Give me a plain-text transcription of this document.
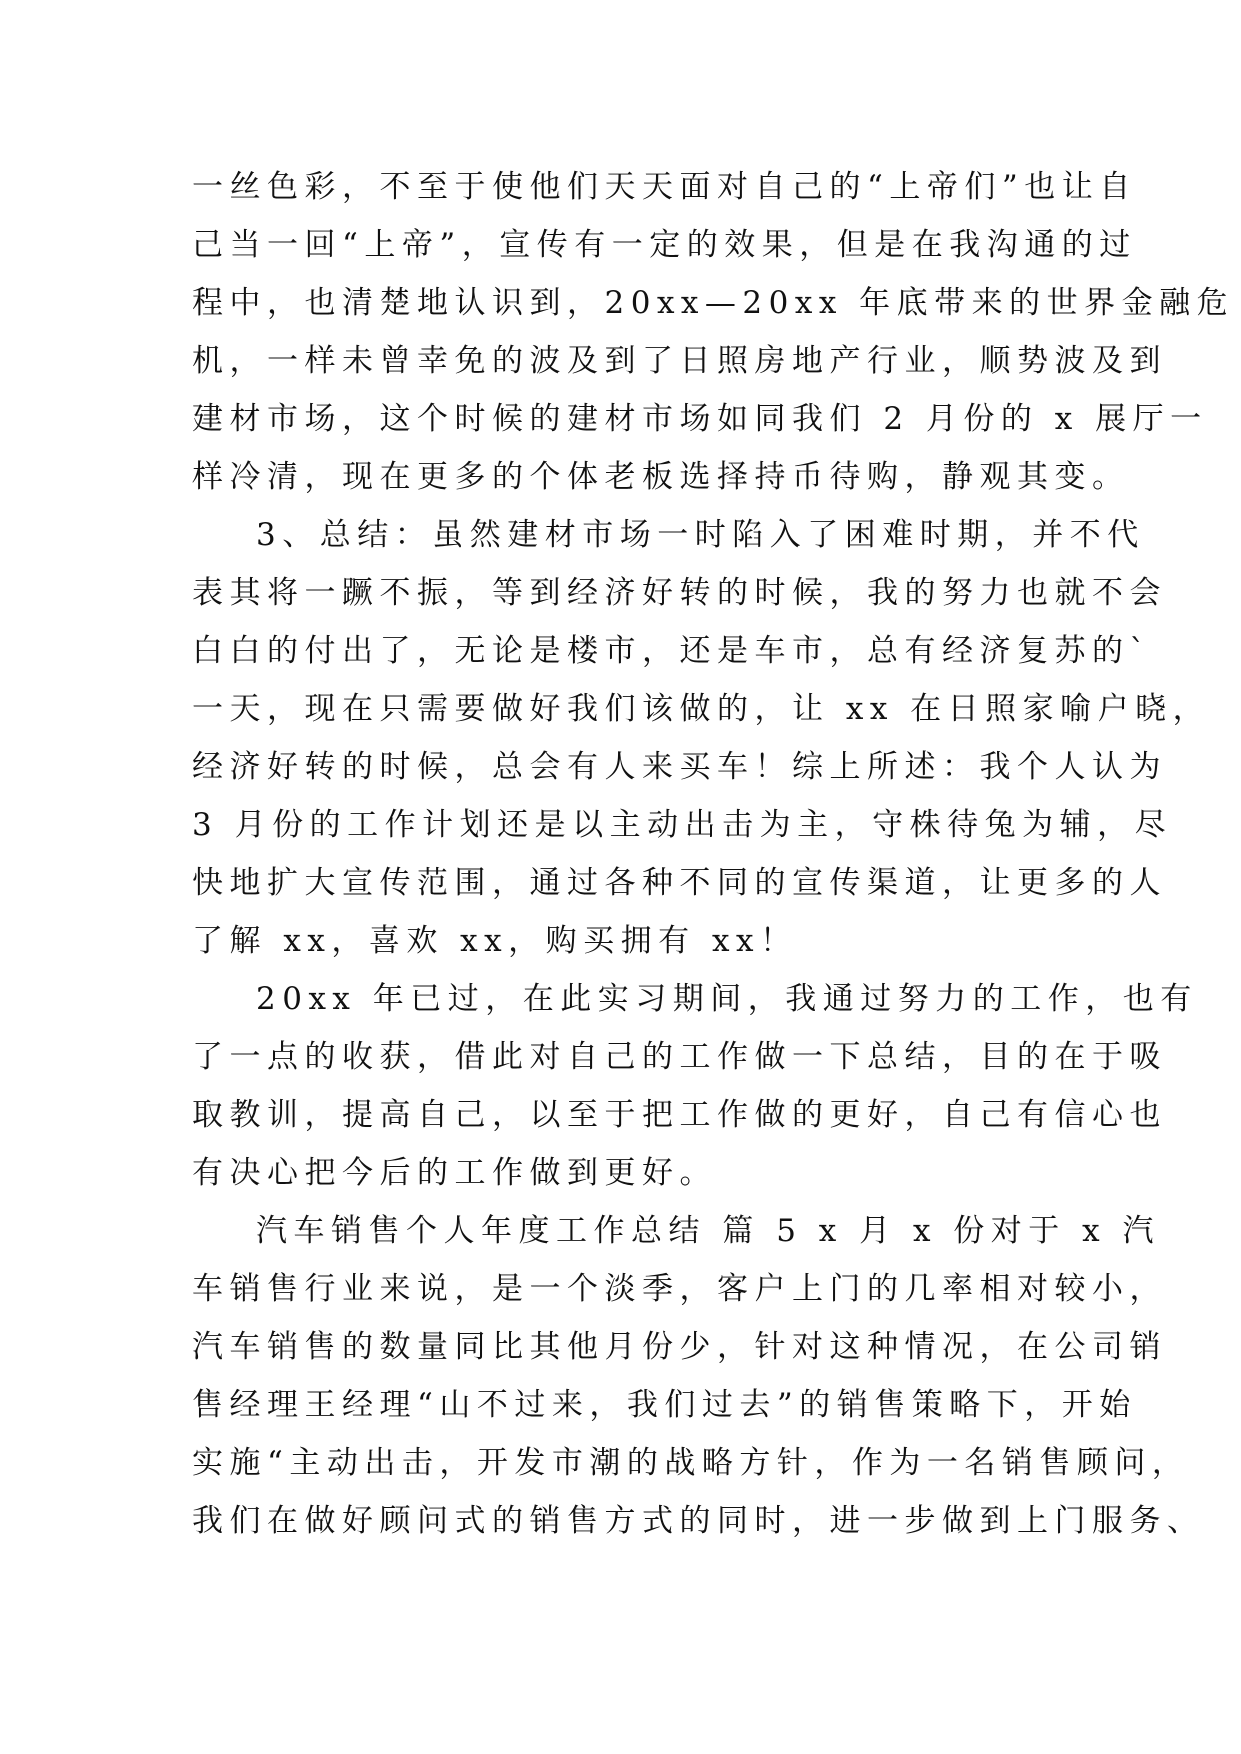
一丝色彩，不至于使他们天天面对自己的“上帝们”也让自
己当一回“上帝”，宣传有一定的效果，但是在我沟通的过
程中，也清楚地认识到，20xx—20xx 年底带来的世界金融危
机，一样未曾幸免的波及到了日照房地产行业，顺势波及到
建材市场，这个时候的建材市场如同我们 2 月份的 x 展厅一
样冷清，现在更多的个体老板选择持币待购，静观其变。
3、总结：虽然建材市场一时陷入了困难时期，并不代
表其将一蹶不振，等到经济好转的时候，我的努力也就不会
白白的付出了，无论是楼市，还是车市，总有经济复苏的`
一天，现在只需要做好我们该做的，让 xx 在日照家喻户晓，
经济好转的时候，总会有人来买车！综上所述：我个人认为
3 月份的工作计划还是以主动出击为主，守株待兔为辅，尽
快地扩大宣传范围，通过各种不同的宣传渠道，让更多的人
了解 xx，喜欢 xx，购买拥有 xx！
20xx 年已过，在此实习期间，我通过努力的工作，也有
了一点的收获，借此对自己的工作做一下总结，目的在于吸
取教训，提高自己，以至于把工作做的更好，自己有信心也
有决心把今后的工作做到更好。
汽车销售个人年度工作总结 篇 5 x 月 x 份对于 x 汽
车销售行业来说，是一个淡季，客户上门的几率相对较小，
汽车销售的数量同比其他月份少，针对这种情况，在公司销
售经理王经理“山不过来，我们过去”的销售策略下，开始
实施“主动出击，开发市潮的战略方针，作为一名销售顾问，
我们在做好顾问式的销售方式的同时，进一步做到上门服务、
